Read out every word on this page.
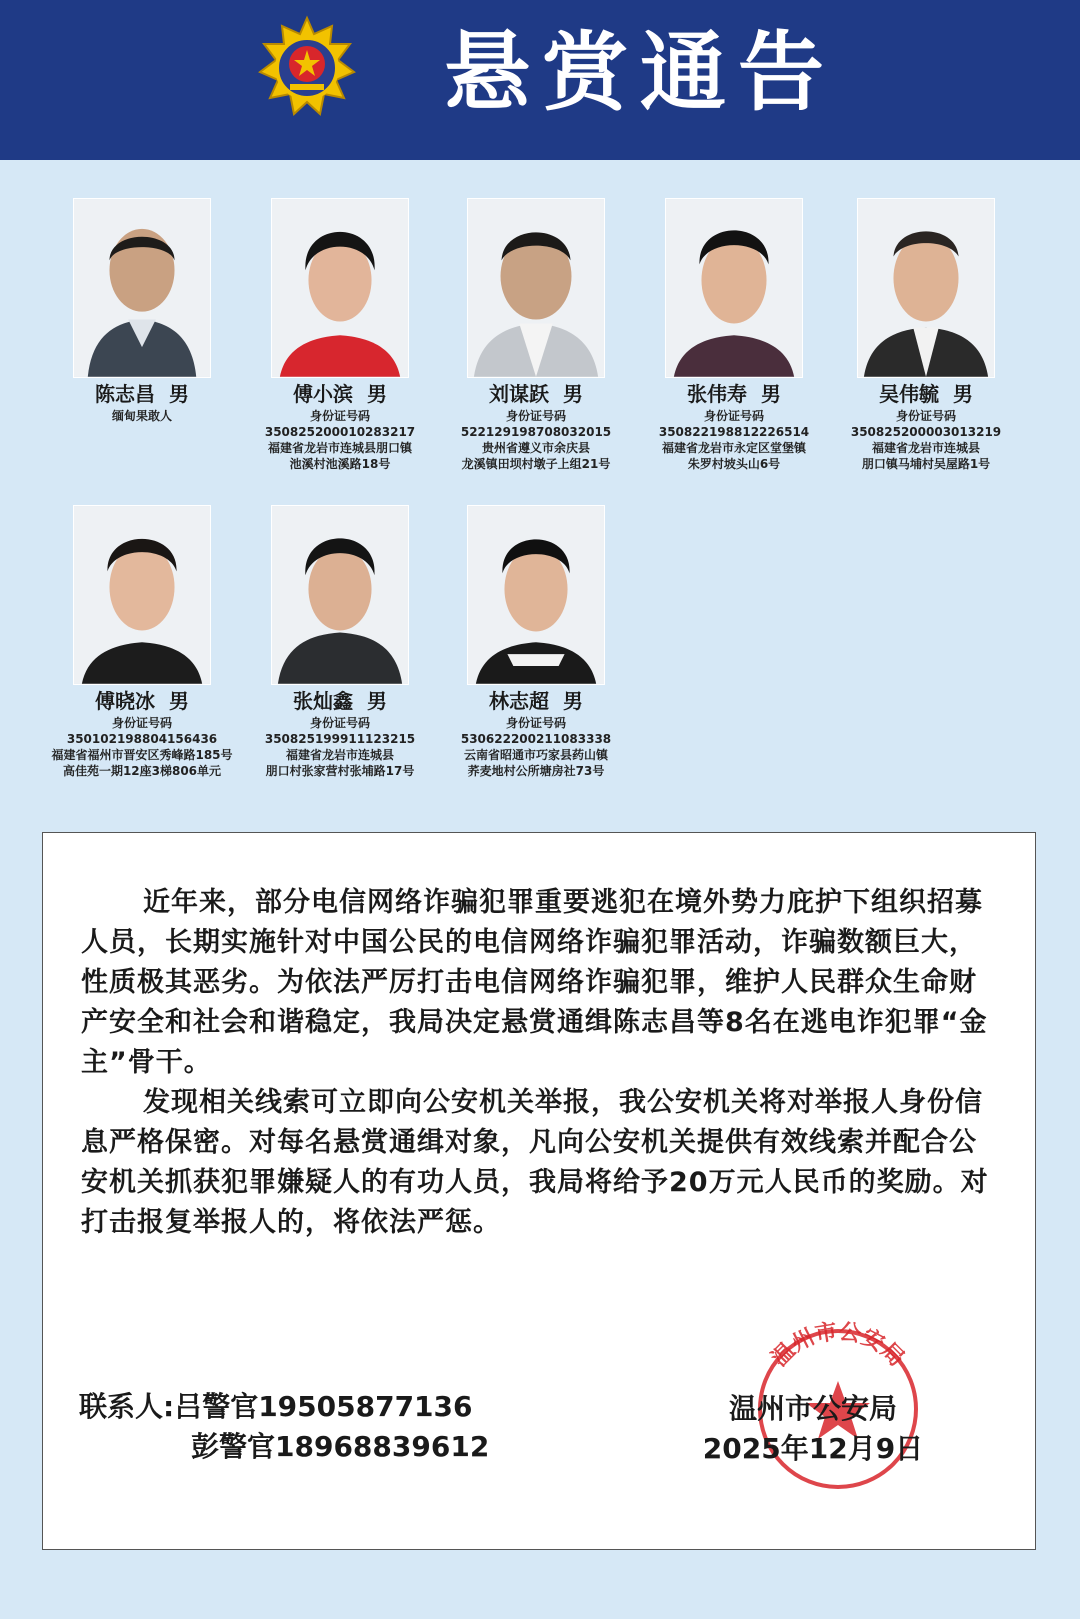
悬赏通告
陈志昌 男
缅甸果敢人
傅小滨 男
身份证号码
350825200010283217
福建省龙岩市连城县朋口镇
池溪村池溪路18号
刘谋跃 男
身份证号码
522129198708032015
贵州省遵义市余庆县
龙溪镇田坝村墩子上组21号
张伟寿 男
身份证号码
350822198812226514
福建省龙岩市永定区堂堡镇
朱罗村坡头山6号
吴伟毓 男
身份证号码
350825200003013219
福建省龙岩市连城县
朋口镇马埔村吴屋路1号
傅晓冰 男
身份证号码
350102198804156436
福建省福州市晋安区秀峰路185号
高佳苑一期12座3梯806单元
张灿鑫 男
身份证号码
350825199911123215
福建省龙岩市连城县
朋口村张家营村张埔路17号
林志超 男
身份证号码
530622200211083338
云南省昭通市巧家县药山镇
荞麦地村公所塘房社73号

近年来，部分电信网络诈骗犯罪重要逃犯在境外势力庇护下组织招募人员，长期实施针对中国公民的电信网络诈骗犯罪活动，诈骗数额巨大，性质极其恶劣。为依法严厉打击电信网络诈骗犯罪，维护人民群众生命财产安全和社会和谐稳定，我局决定悬赏通缉陈志昌等8名在逃电诈犯罪“金主”骨干。

发现相关线索可立即向公安机关举报，我公安机关将对举报人身份信息严格保密。对每名悬赏通缉对象，凡向公安机关提供有效线索并配合公安机关抓获犯罪嫌疑人的有功人员，我局将给予20万元人民币的奖励。对打击报复举报人的，将依法严惩。

温州市公安局
联系人:吕警官19505877136
彭警官18968839612
温州市公安局
2025年12月9日
